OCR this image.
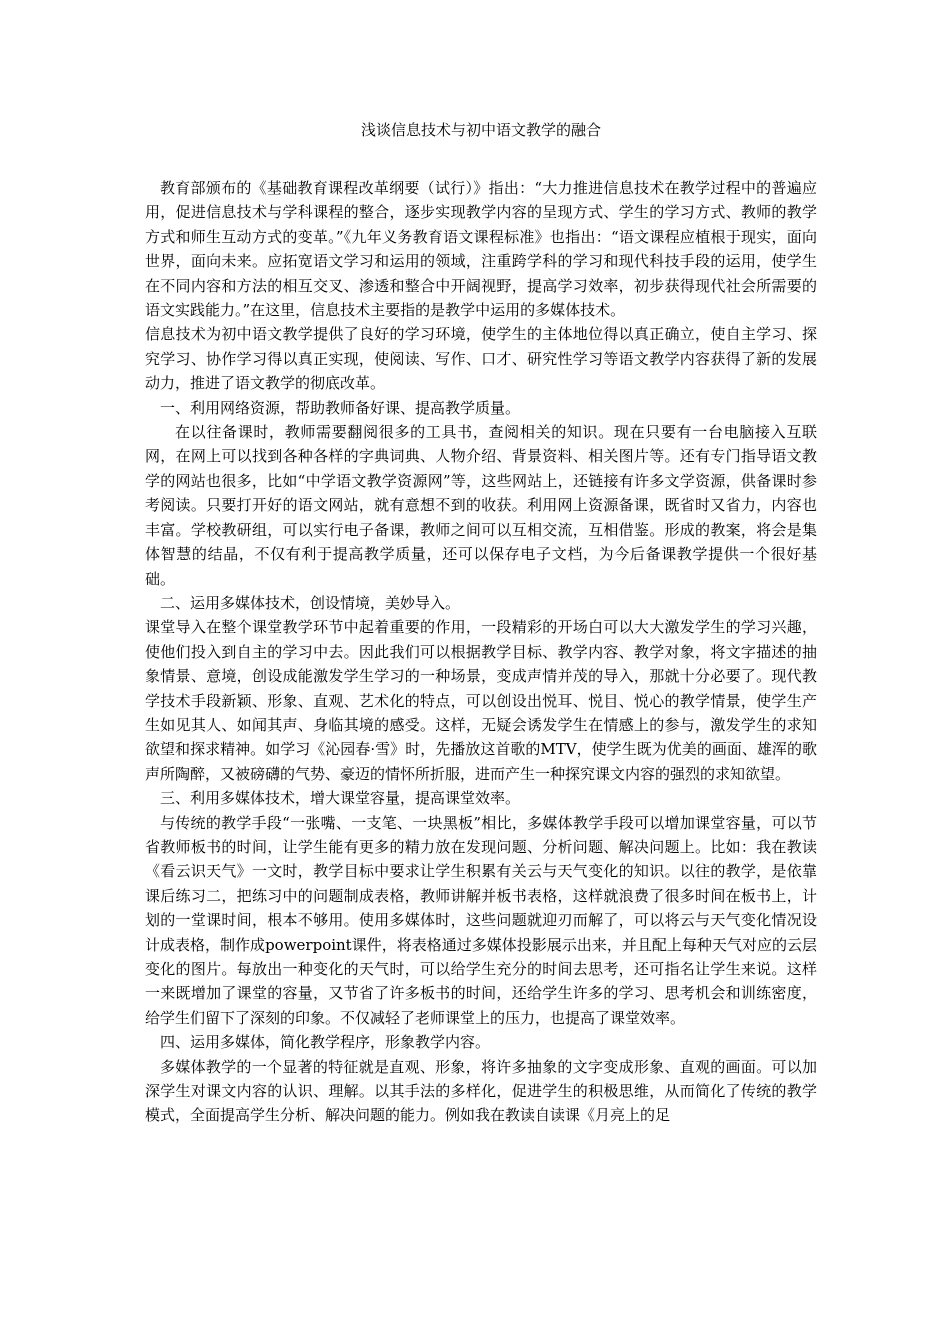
浅谈信息技术与初中语文教学的融合

教育部颁布的《基础教育课程改革纲要（试行）》指出：“大力推进信息技术在教学过程中的普遍应用，促进信息技术与学科课程的整合，逐步实现教学内容的呈现方式、学生的学习方式、教师的教学方式和师生互动方式的变革。”《九年义务教育语文课程标准》也指出：“语文课程应植根于现实，面向世界，面向未来。应拓宽语文学习和运用的领域，注重跨学科的学习和现代科技手段的运用，使学生在不同内容和方法的相互交叉、渗透和整合中开阔视野，提高学习效率，初步获得现代社会所需要的语文实践能力。”在这里，信息技术主要指的是教学中运用的多媒体技术。

信息技术为初中语文教学提供了良好的学习环境，使学生的主体地位得以真正确立，使自主学习、探究学习、协作学习得以真正实现，使阅读、写作、口才、研究性学习等语文教学内容获得了新的发展动力，推进了语文教学的彻底改革。

一、利用网络资源，帮助教师备好课、提高教学质量。

在以往备课时，教师需要翻阅很多的工具书，查阅相关的知识。现在只要有一台电脑接入互联网，在网上可以找到各种各样的字典词典、人物介绍、背景资料、相关图片等。还有专门指导语文教学的网站也很多，比如“中学语文教学资源网”等，这些网站上，还链接有许多文学资源，供备课时参考阅读。只要打开好的语文网站，就有意想不到的收获。利用网上资源备课，既省时又省力，内容也丰富。学校教研组，可以实行电子备课，教师之间可以互相交流，互相借鉴。形成的教案，将会是集体智慧的结晶，不仅有利于提高教学质量，还可以保存电子文档，为今后备课教学提供一个很好基础。

二、运用多媒体技术，创设情境，美妙导入。

课堂导入在整个课堂教学环节中起着重要的作用，一段精彩的开场白可以大大激发学生的学习兴趣，使他们投入到自主的学习中去。因此我们可以根据教学目标、教学内容、教学对象，将文字描述的抽象情景、意境，创设成能激发学生学习的一种场景，变成声情并茂的导入，那就十分必要了。现代教学技术手段新颖、形象、直观、艺术化的特点，可以创设出悦耳、悦目、悦心的教学情景，使学生产生如见其人、如闻其声、身临其境的感受。这样，无疑会诱发学生在情感上的参与，激发学生的求知欲望和探求精神。如学习《沁园春·雪》时，先播放这首歌的MTV，使学生既为优美的画面、雄浑的歌声所陶醉，又被磅礴的气势、豪迈的情怀所折服，进而产生一种探究课文内容的强烈的求知欲望。

三、利用多媒体技术，增大课堂容量，提高课堂效率。

与传统的教学手段“一张嘴、一支笔、一块黑板”相比，多媒体教学手段可以增加课堂容量，可以节省教师板书的时间，让学生能有更多的精力放在发现问题、分析问题、解决问题上。比如：我在教读《看云识天气》一文时，教学目标中要求让学生积累有关云与天气变化的知识。以往的教学，是依靠课后练习二，把练习中的问题制成表格，教师讲解并板书表格，这样就浪费了很多时间在板书上，计划的一堂课时间，根本不够用。使用多媒体时，这些问题就迎刃而解了，可以将云与天气变化情况设计成表格，制作成powerpoint课件，将表格通过多媒体投影展示出来，并且配上每种天气对应的云层变化的图片。每放出一种变化的天气时，可以给学生充分的时间去思考，还可指名让学生来说。这样一来既增加了课堂的容量，又节省了许多板书的时间，还给学生许多的学习、思考机会和训练密度，给学生们留下了深刻的印象。不仅减轻了老师课堂上的压力，也提高了课堂效率。

四、运用多媒体，简化教学程序，形象教学内容。

多媒体教学的一个显著的特征就是直观、形象，将许多抽象的文字变成形象、直观的画面。可以加深学生对课文内容的认识、理解。以其手法的多样化，促进学生的积极思维，从而简化了传统的教学模式，全面提高学生分析、解决问题的能力。例如我在教读自读课《月亮上的足
